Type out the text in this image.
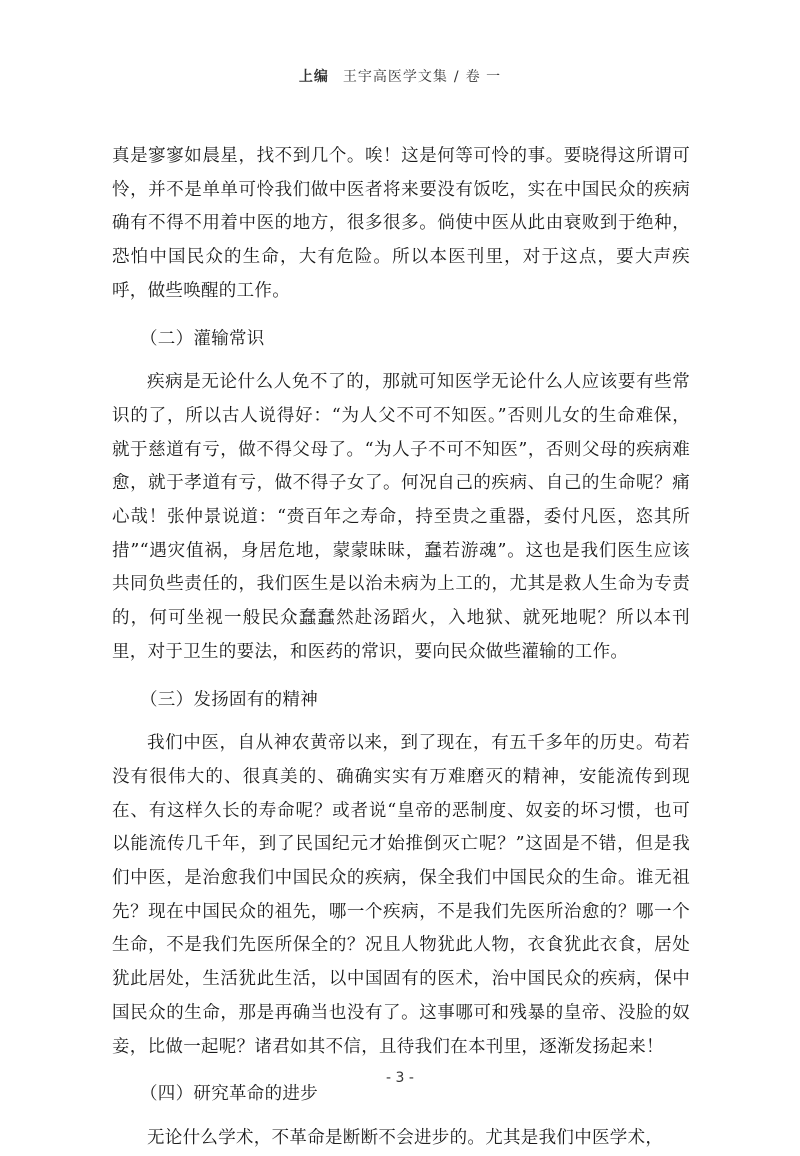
上编 王宇高医学文集 / 卷 一

真是寥寥如晨星，找不到几个。唉！这是何等可怜的事。要晓得这所谓可怜，并不是单单可怜我们做中医者将来要没有饭吃，实在中国民众的疾病确有不得不用着中医的地方，很多很多。倘使中医从此由衰败到于绝种，恐怕中国民众的生命，大有危险。所以本医刊里，对于这点，要大声疾呼，做些唤醒的工作。

（二）灌输常识

疾病是无论什么人免不了的，那就可知医学无论什么人应该要有些常识的了，所以古人说得好：“为人父不可不知医。”否则儿女的生命难保，就于慈道有亏，做不得父母了。“为人子不可不知医”，否则父母的疾病难愈，就于孝道有亏，做不得子女了。何况自己的疾病、自己的生命呢？痛心哉！张仲景说道：“赍百年之寿命，持至贵之重器，委付凡医，恣其所措”“遇灾值祸，身居危地，蒙蒙昧昧，蠢若游魂”。这也是我们医生应该共同负些责任的，我们医生是以治未病为上工的，尤其是救人生命为专责的，何可坐视一般民众蠢蠢然赴汤蹈火，入地狱、就死地呢？所以本刊里，对于卫生的要法，和医药的常识，要向民众做些灌输的工作。

（三）发扬固有的精神

我们中医，自从神农黄帝以来，到了现在，有五千多年的历史。苟若没有很伟大的、很真美的、确确实实有万难磨灭的精神，安能流传到现在、有这样久长的寿命呢？或者说“皇帝的恶制度、奴妾的坏习惯，也可以能流传几千年，到了民国纪元才始推倒灭亡呢？”这固是不错，但是我们中医，是治愈我们中国民众的疾病，保全我们中国民众的生命。谁无祖先？现在中国民众的祖先，哪一个疾病，不是我们先医所治愈的？哪一个生命，不是我们先医所保全的？况且人物犹此人物，衣食犹此衣食，居处犹此居处，生活犹此生活，以中国固有的医术，治中国民众的疾病，保中国民众的生命，那是再确当也没有了。这事哪可和残暴的皇帝、没脸的奴妾，比做一起呢？诸君如其不信，且待我们在本刊里，逐渐发扬起来！

（四）研究革命的进步

无论什么学术，不革命是断断不会进步的。尤其是我们中医学术，

- 3 -
